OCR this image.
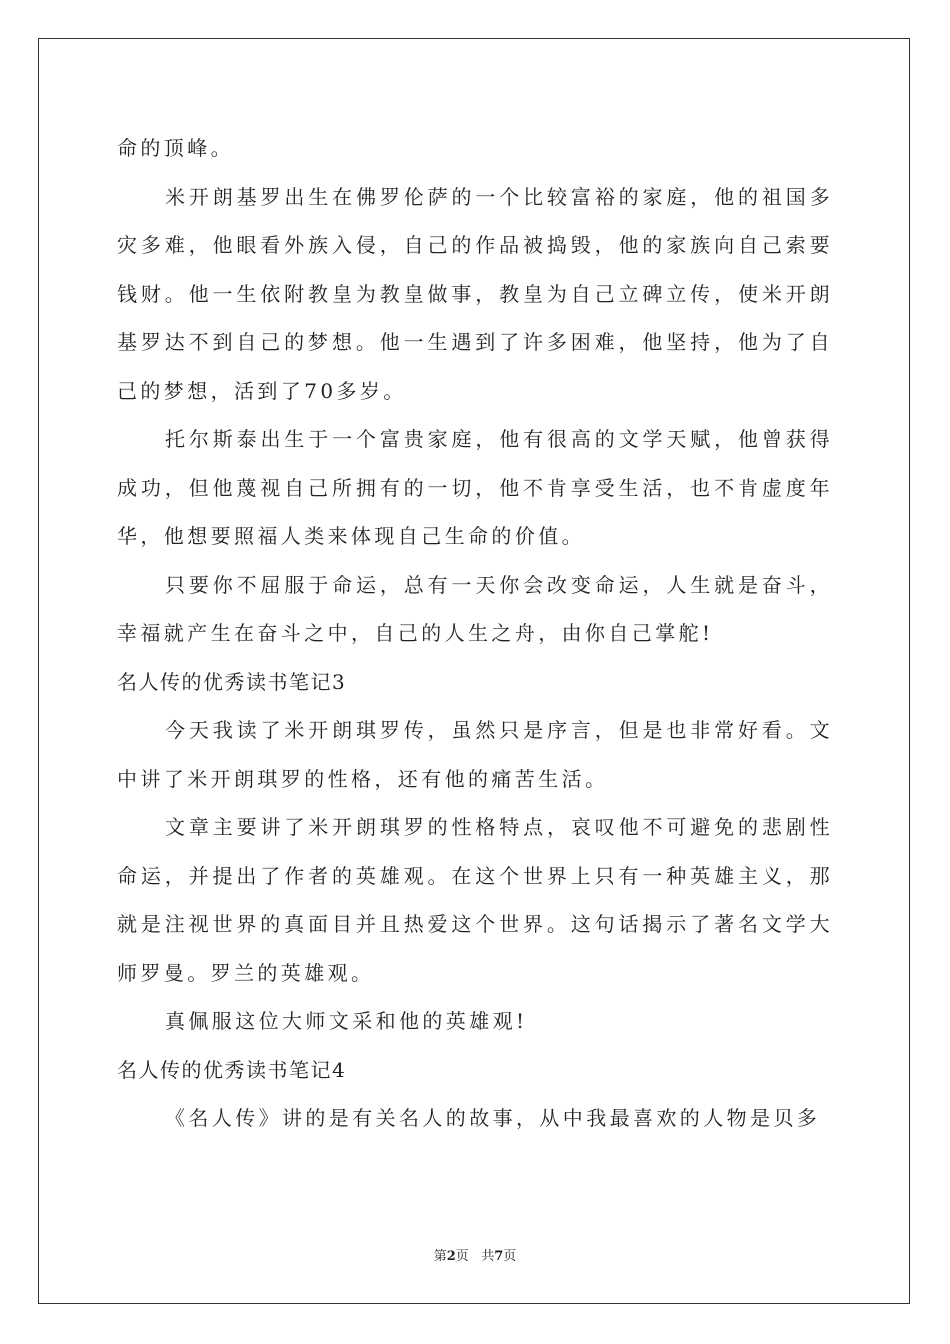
命的顶峰。

米开朗基罗出生在佛罗伦萨的一个比较富裕的家庭，他的祖国多灾多难，他眼看外族入侵，自己的作品被捣毁，他的家族向自己索要钱财。他一生依附教皇为教皇做事，教皇为自己立碑立传，使米开朗基罗达不到自己的梦想。他一生遇到了许多困难，他坚持，他为了自己的梦想，活到了70多岁。

托尔斯泰出生于一个富贵家庭，他有很高的文学天赋，他曾获得成功，但他蔑视自己所拥有的一切，他不肯享受生活，也不肯虚度年华，他想要照福人类来体现自己生命的价值。

只要你不屈服于命运，总有一天你会改变命运，人生就是奋斗，幸福就产生在奋斗之中，自己的人生之舟，由你自己掌舵!

名人传的优秀读书笔记3

今天我读了米开朗琪罗传，虽然只是序言，但是也非常好看。文中讲了米开朗琪罗的性格，还有他的痛苦生活。

文章主要讲了米开朗琪罗的性格特点，哀叹他不可避免的悲剧性命运，并提出了作者的英雄观。在这个世界上只有一种英雄主义，那就是注视世界的真面目并且热爱这个世界。这句话揭示了著名文学大师罗曼。罗兰的英雄观。

真佩服这位大师文采和他的英雄观!

名人传的优秀读书笔记4

《名人传》讲的是有关名人的故事，从中我最喜欢的人物是贝多

第2页 共7页
